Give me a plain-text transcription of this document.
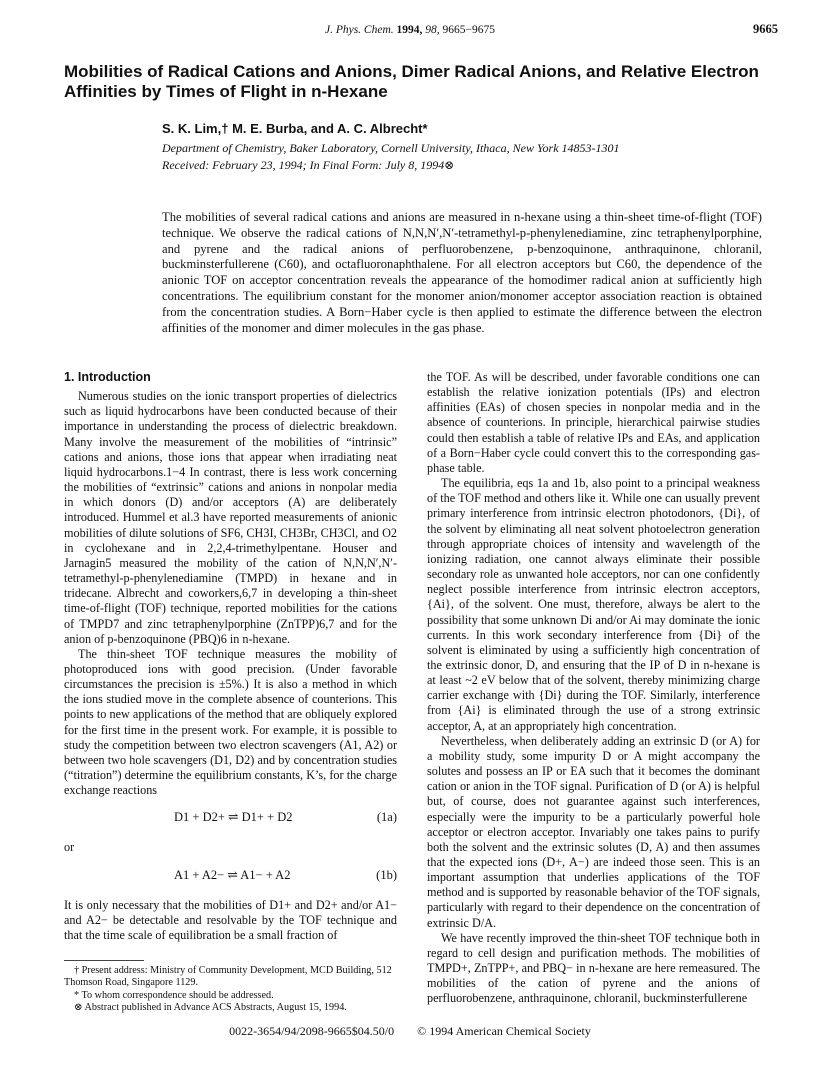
J. Phys. Chem. 1994, 98, 9665−9675	9665
Mobilities of Radical Cations and Anions, Dimer Radical Anions, and Relative Electron Affinities by Times of Flight in n-Hexane
S. K. Lim,† M. E. Burba, and A. C. Albrecht*
Department of Chemistry, Baker Laboratory, Cornell University, Ithaca, New York 14853-1301
Received: February 23, 1994; In Final Form: July 8, 1994⊗
The mobilities of several radical cations and anions are measured in n-hexane using a thin-sheet time-of-flight (TOF) technique. We observe the radical cations of N,N,N′,N′-tetramethyl-p-phenylenediamine, zinc tetraphenylporphine, and pyrene and the radical anions of perfluorobenzene, p-benzoquinone, anthraquinone, chloranil, buckminsterfullerene (C60), and octafluoronaphthalene. For all electron acceptors but C60, the dependence of the anionic TOF on acceptor concentration reveals the appearance of the homodimer radical anion at sufficiently high concentrations. The equilibrium constant for the monomer anion/monomer acceptor association reaction is obtained from the concentration studies. A Born−Haber cycle is then applied to estimate the difference between the electron affinities of the monomer and dimer molecules in the gas phase.
1. Introduction

Numerous studies on the ionic transport properties of dielectrics such as liquid hydrocarbons have been conducted because of their importance in understanding the process of dielectric breakdown. Many involve the measurement of the mobilities of “intrinsic” cations and anions, those ions that appear when irradiating neat liquid hydrocarbons.1−4 In contrast, there is less work concerning the mobilities of “extrinsic” cations and anions in nonpolar media in which donors (D) and/or acceptors (A) are deliberately introduced. Hummel et al.3 have reported measurements of anionic mobilities of dilute solutions of SF6, CH3I, CH3Br, CH3Cl, and O2 in cyclohexane and in 2,2,4-trimethylpentane. Houser and Jarnagin5 measured the mobility of the cation of N,N,N′,N′-tetramethyl-p-phenylenediamine (TMPD) in hexane and in tridecane. Albrecht and coworkers,6,7 in developing a thin-sheet time-of-flight (TOF) technique, reported mobilities for the cations of TMPD7 and zinc tetraphenylporphine (ZnTPP)6,7 and for the anion of p-benzoquinone (PBQ)6 in n-hexane.

The thin-sheet TOF technique measures the mobility of photoproduced ions with good precision. (Under favorable circumstances the precision is ±5%.) It is also a method in which the ions studied move in the complete absence of counterions. This points to new applications of the method that are obliquely explored for the first time in the present work. For example, it is possible to study the competition between two electron scavengers (A1, A2) or between two hole scavengers (D1, D2) and by concentration studies (“titration”) determine the equilibrium constants, K’s, for the charge exchange reactions

D1 + D2+ ⇌ D1+ + D2	(1a)

or

A1 + A2− ⇌ A1− + A2	(1b)

It is only necessary that the mobilities of D1+ and D2+ and/or A1− and A2− be detectable and resolvable by the TOF technique and that the time scale of equilibration be a small fraction of

the TOF. As will be described, under favorable conditions one can establish the relative ionization potentials (IPs) and electron affinities (EAs) of chosen species in nonpolar media and in the absence of counterions. In principle, hierarchical pairwise studies could then establish a table of relative IPs and EAs, and application of a Born−Haber cycle could convert this to the corresponding gas-phase table.

The equilibria, eqs 1a and 1b, also point to a principal weakness of the TOF method and others like it. While one can usually prevent primary interference from intrinsic electron photodonors, {Di}, of the solvent by eliminating all neat solvent photoelectron generation through appropriate choices of intensity and wavelength of the ionizing radiation, one cannot always eliminate their possible secondary role as unwanted hole acceptors, nor can one confidently neglect possible interference from intrinsic electron acceptors, {Ai}, of the solvent. One must, therefore, always be alert to the possibility that some unknown Di and/or Ai may dominate the ionic currents. In this work secondary interference from {Di} of the solvent is eliminated by using a sufficiently high concentration of the extrinsic donor, D, and ensuring that the IP of D in n-hexane is at least ~2 eV below that of the solvent, thereby minimizing charge carrier exchange with {Di} during the TOF. Similarly, interference from {Ai} is eliminated through the use of a strong extrinsic acceptor, A, at an appropriately high concentration.

Nevertheless, when deliberately adding an extrinsic D (or A) for a mobility study, some impurity D or A might accompany the solutes and possess an IP or EA such that it becomes the dominant cation or anion in the TOF signal. Purification of D (or A) is helpful but, of course, does not guarantee against such interferences, especially were the impurity to be a particularly powerful hole acceptor or electron acceptor. Invariably one takes pains to purify both the solvent and the extrinsic solutes (D, A) and then assumes that the expected ions (D+, A−) are indeed those seen. This is an important assumption that underlies applications of the TOF method and is supported by reasonable behavior of the TOF signals, particularly with regard to their dependence on the concentration of extrinsic D/A.

We have recently improved the thin-sheet TOF technique both in regard to cell design and purification methods. The mobilities of TMPD+, ZnTPP+, and PBQ− in n-hexane are here remeasured. The mobilities of the cation of pyrene and the anions of perfluorobenzene, anthraquinone, chloranil, buckminsterfullerene

† Present address: Ministry of Community Development, MCD Building, 512 Thomson Road, Singapore 1129.
* To whom correspondence should be addressed.
⊗ Abstract published in Advance ACS Abstracts, August 15, 1994.
0022-3654/94/2098-9665$04.50/0 © 1994 American Chemical Society
